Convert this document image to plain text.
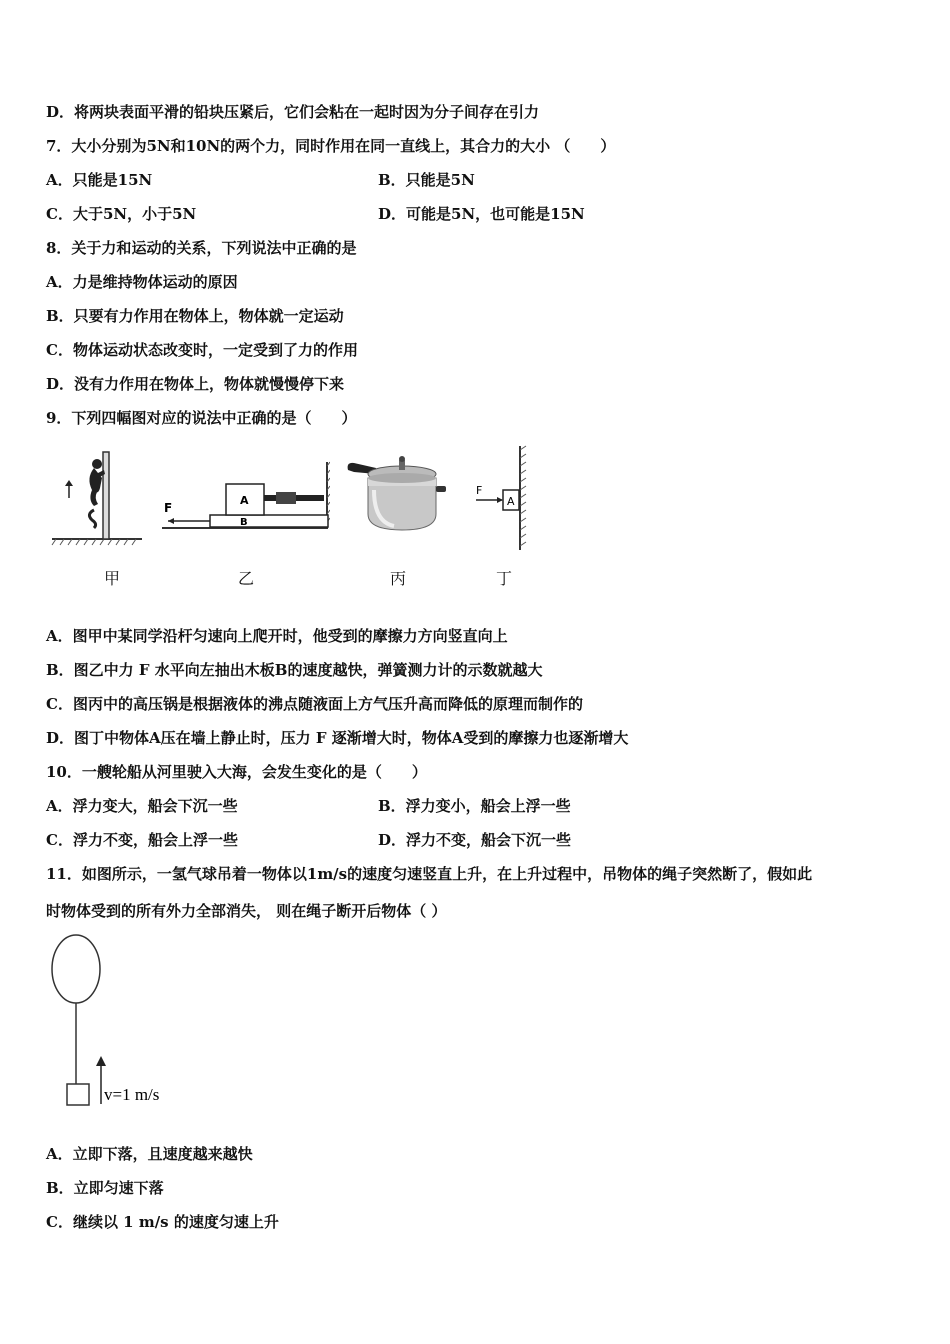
D．将两块表面平滑的铅块压紧后，它们会粘在一起时因为分子间存在引力
7．大小分别为5N和10N的两个力，同时作用在同一直线上，其合力的大小 （　　）
A．只能是15N	B．只能是5N
C．大于5N，小于5N	D．可能是5N，也可能是15N
8．关于力和运动的关系，下列说法中正确的是
A．力是维持物体运动的原因
B．只要有力作用在物体上，物体就一定运动
C．物体运动状态改变时，一定受到了力的作用
D．没有力作用在物体上，物体就慢慢停下来
9．下列四幅图对应的说法中正确的是（　　）
甲
F
A
B
乙	丙
F
A
丁
A．图甲中某同学沿杆匀速向上爬开时，他受到的摩擦力方向竖直向上
B．图乙中力 F 水平向左抽出木板B的速度越快，弹簧测力计的示数就越大
C．图丙中的高压锅是根据液体的沸点随液面上方气压升高而降低的原理而制作的
D．图丁中物体A压在墙上静止时，压力 F 逐渐增大时，物体A受到的摩擦力也逐渐增大
10．一艘轮船从河里驶入大海，会发生变化的是（　　）
A．浮力变大，船会下沉一些	B．浮力变小，船会上浮一些
C．浮力不变，船会上浮一些	D．浮力不变，船会下沉一些
11．如图所示，一氢气球吊着一物体以1m/s的速度匀速竖直上升，在上升过程中，吊物体的绳子突然断了，假如此
时物体受到的所有外力全部消失， 则在绳子断开后物体（ ）
v=1 m/s
A．立即下落，且速度越来越快
B．立即匀速下落
C．继续以 1 m/s 的速度匀速上升
